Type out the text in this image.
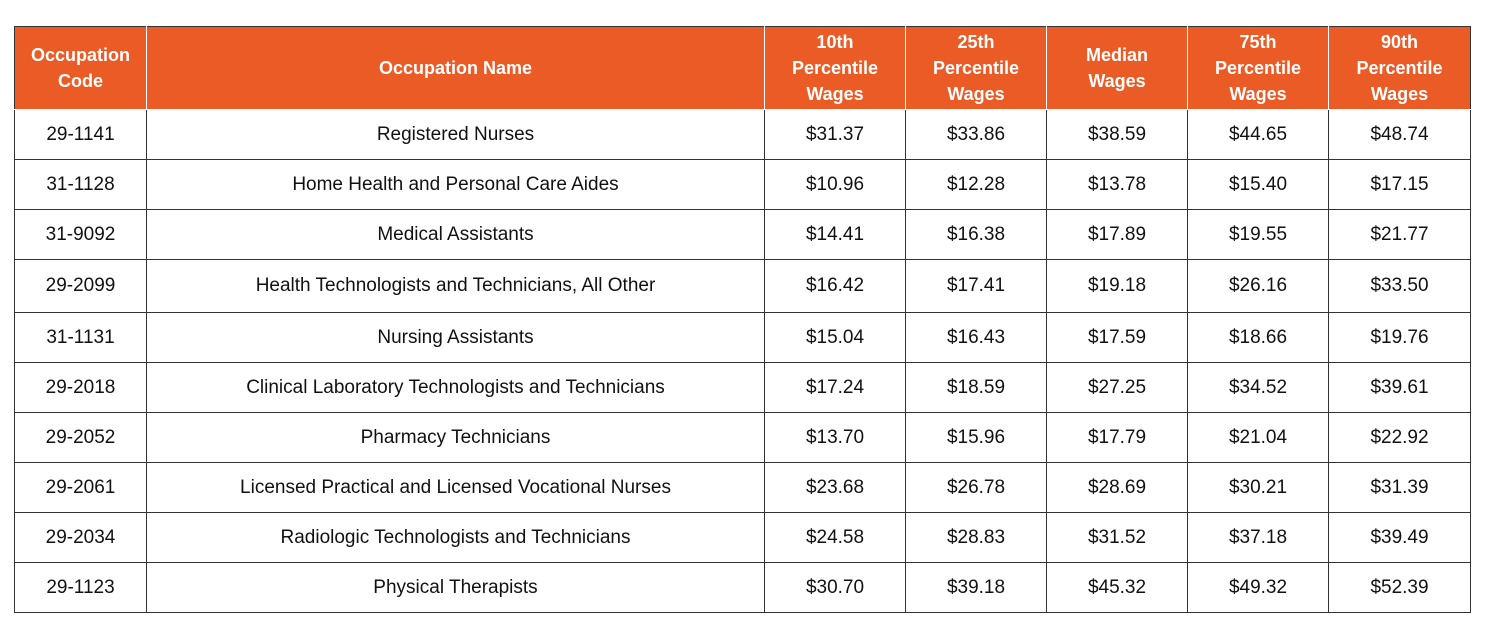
Occupation Code	Occupation Name	10th Percentile Wages	25th Percentile Wages	Median Wages	75th Percentile Wages	90th Percentile Wages
29-1141	Registered Nurses	$31.37	$33.86	$38.59	$44.65	$48.74
31-1128	Home Health and Personal Care Aides	$10.96	$12.28	$13.78	$15.40	$17.15
31-9092	Medical Assistants	$14.41	$16.38	$17.89	$19.55	$21.77
29-2099	Health Technologists and Technicians, All Other	$16.42	$17.41	$19.18	$26.16	$33.50
31-1131	Nursing Assistants	$15.04	$16.43	$17.59	$18.66	$19.76
29-2018	Clinical Laboratory Technologists and Technicians	$17.24	$18.59	$27.25	$34.52	$39.61
29-2052	Pharmacy Technicians	$13.70	$15.96	$17.79	$21.04	$22.92
29-2061	Licensed Practical and Licensed Vocational Nurses	$23.68	$26.78	$28.69	$30.21	$31.39
29-2034	Radiologic Technologists and Technicians	$24.58	$28.83	$31.52	$37.18	$39.49
29-1123	Physical Therapists	$30.70	$39.18	$45.32	$49.32	$52.39
